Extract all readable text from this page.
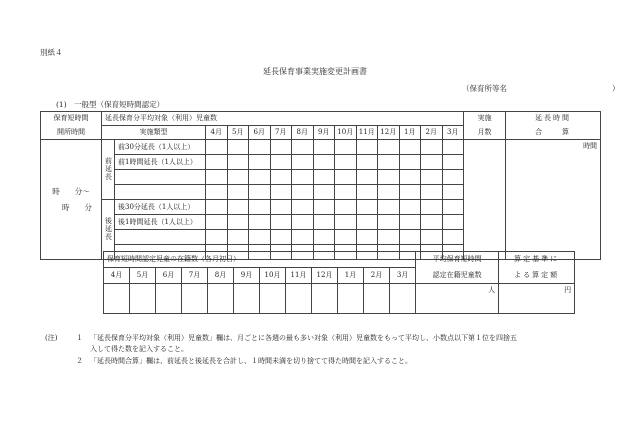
別紙４
延長保育事業実施変更計画書
（保育所等名　　　　　　　　　　　　　　）
(1)　一般型（保育短時間認定）
保育短時間	延長保育分平均対象（利用）児童数														実施	延長時間
開所時間	実施類型		4月	5月	6月	7月	8月	9月	10月	11月	12月	1月	2月	3月	月数	合　　算

時　　分～
時　　分	前延長	前30分延長（1人以上）														時間
		前1時間延長（1人以上）														

	後延長	後30分延長（1人以上）														
		後1時間延長（1人以上）														

保育短時間認定児童の在籍数（各月初日）												平均保育短時間	算定基準に
4月	5月	6月	7月	8月	9月	10月	11月	12月	1月	2月	3月	認定在籍児童数	よる算定額
												人	円
(注)	１ 「延長保育分平均対象（利用）児童数」欄は、月ごとに各週の最も多い対象（利用）児童数をもって平均し、小数点以下第１位を四捨五
入して得た数を記入すること。
２ 「延長時間合算」欄は、前延長と後延長を合計し、１時間未満を切り捨てて得た時間を記入すること。
